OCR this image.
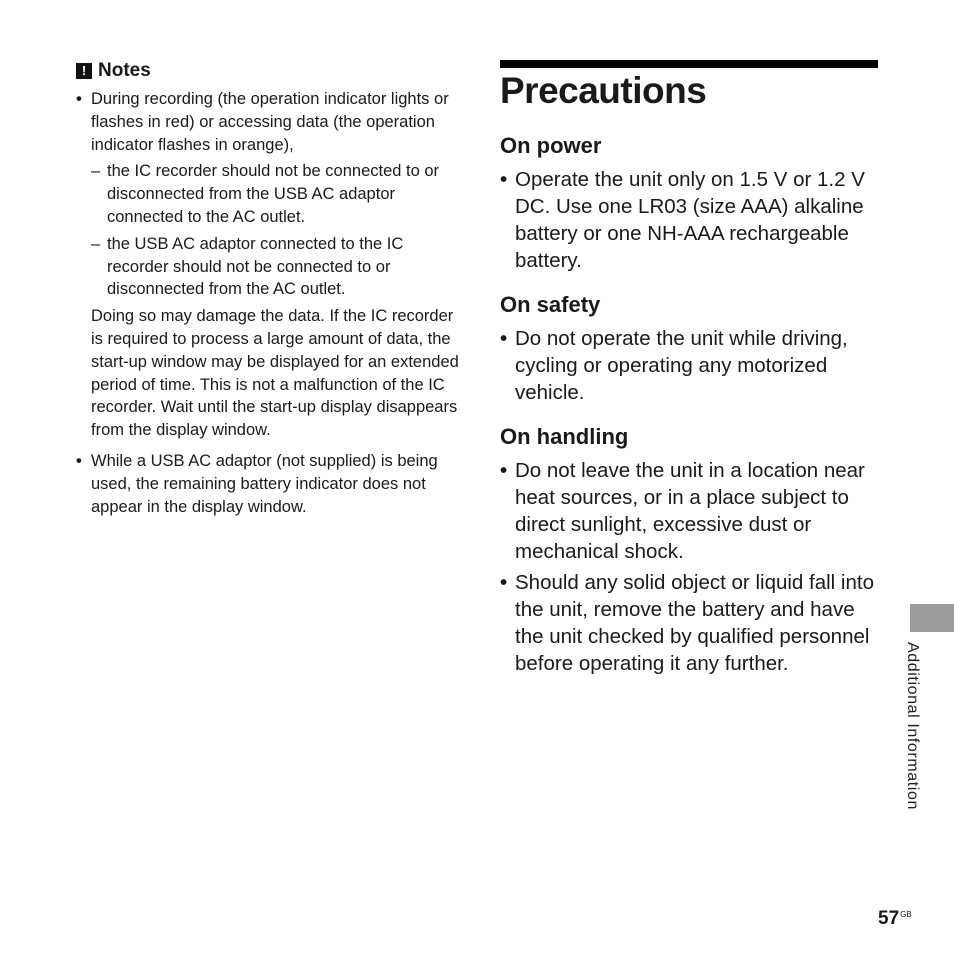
! Notes
• During recording (the operation indicator lights or flashes in red) or accessing data (the operation indicator flashes in orange),
– the IC recorder should not be connected to or disconnected from the USB AC adaptor connected to the AC outlet.
– the USB AC adaptor connected to the IC recorder should not be connected to or disconnected from the AC outlet.
Doing so may damage the data. If the IC recorder is required to process a large amount of data, the start-up window may be displayed for an extended period of time. This is not a malfunction of the IC recorder. Wait until the start-up display disappears from the display window.
• While a USB AC adaptor (not supplied) is being used, the remaining battery indicator does not appear in the display window.
Precautions
On power
• Operate the unit only on 1.5 V or 1.2 V DC. Use one LR03 (size AAA) alkaline battery or one NH-AAA rechargeable battery.
On safety
• Do not operate the unit while driving, cycling or operating any motorized vehicle.
On handling
• Do not leave the unit in a location near heat sources, or in a place subject to direct sunlight, excessive dust or mechanical shock.
• Should any solid object or liquid fall into the unit, remove the battery and have the unit checked by qualified personnel before operating it any further.	Additional Information
$57^{GB}$
